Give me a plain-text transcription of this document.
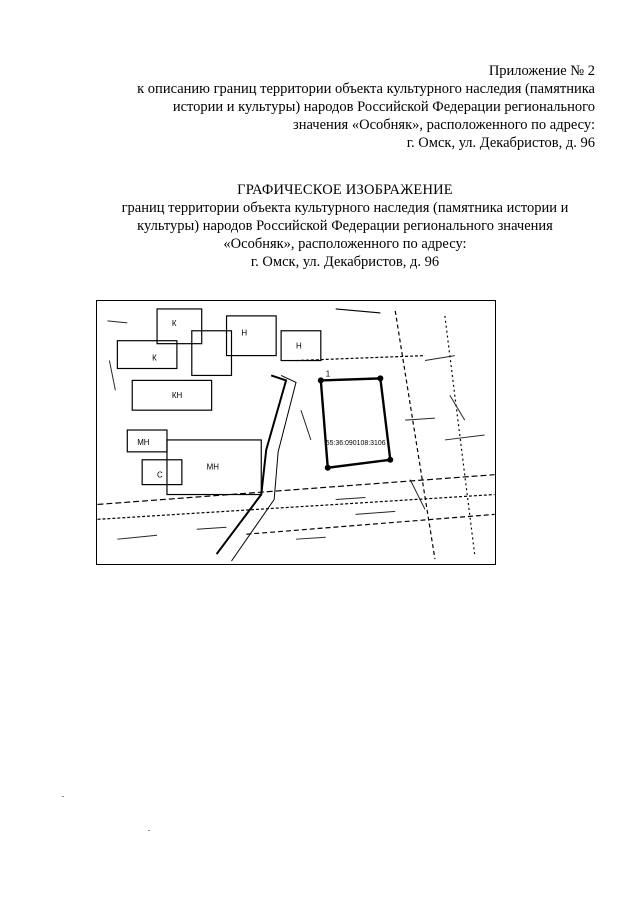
Приложение № 2
к описанию границ территории объекта культурного наследия (памятника
истории и культуры) народов Российской Федерации регионального
значения «Особняк», расположенного по адресу:
г. Омск, ул. Декабристов, д. 96
ГРАФИЧЕСКОЕ ИЗОБРАЖЕНИЕ
границ территории объекта культурного наследия (памятника истории и
культуры) народов Российской Федерации регионального значения
«Особняк», расположенного по адресу:
г. Омск, ул. Декабристов, д. 96
1
55:36:090108:3106
МН
МН
КН
К
К
Н
Н
С
